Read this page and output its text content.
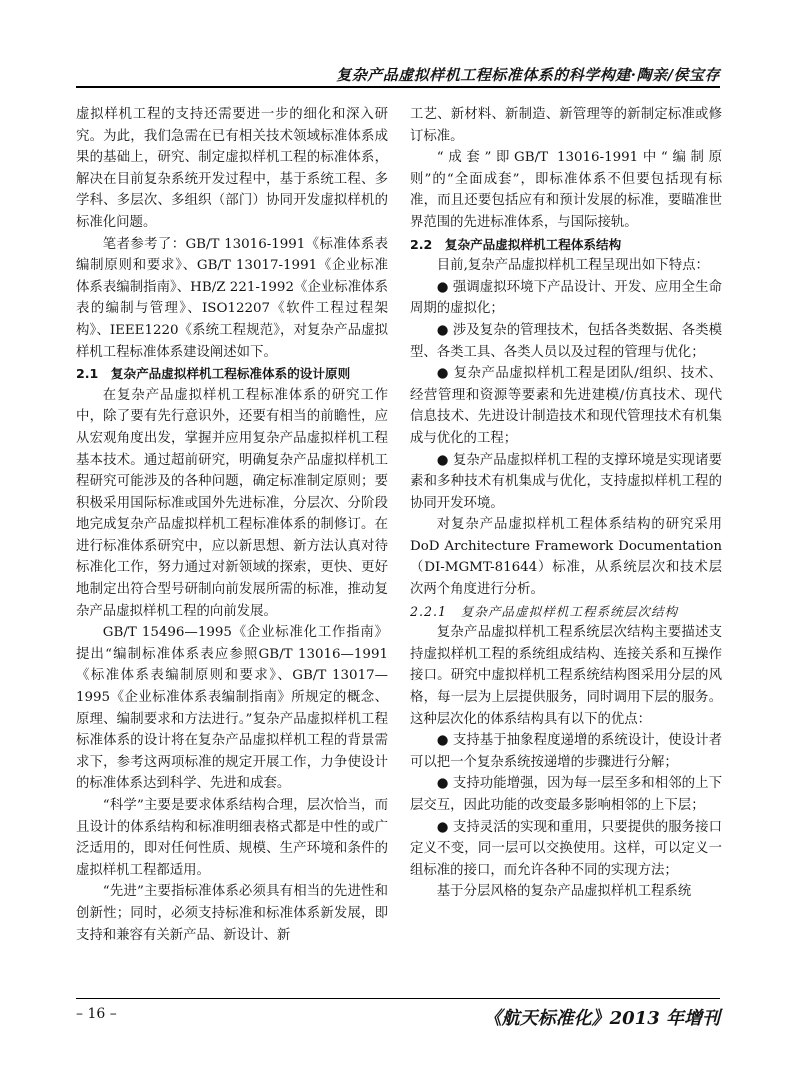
复杂产品虚拟样机工程标准体系的科学构建·陶亲/侯宝存

虚拟样机工程的支持还需要进一步的细化和深入研究。为此，我们急需在已有相关技术领域标准体系成果的基础上，研究、制定虚拟样机工程的标准体系，解决在目前复杂系统开发过程中，基于系统工程、多学科、多层次、多组织（部门）协同开发虚拟样机的标准化问题。

笔者参考了：GB/T 13016-1991《标准体系表编制原则和要求》、GB/T 13017-1991《企业标准体系表编制指南》、HB/Z 221-1992《企业标准体系表的编制与管理》、ISO12207《软件工程过程架构》、IEEE1220《系统工程规范》，对复杂产品虚拟样机工程标准体系建设阐述如下。

2.1　复杂产品虚拟样机工程标准体系的设计原则

在复杂产品虚拟样机工程标准体系的研究工作中，除了要有先行意识外，还要有相当的前瞻性，应从宏观角度出发，掌握并应用复杂产品虚拟样机工程基本技术。通过超前研究，明确复杂产品虚拟样机工程研究可能涉及的各种问题，确定标准制定原则；要积极采用国际标准或国外先进标准，分层次、分阶段地完成复杂产品虚拟样机工程标准体系的制修订。在进行标准体系研究中，应以新思想、新方法认真对待标准化工作，努力通过对新领域的探索，更快、更好地制定出符合型号研制向前发展所需的标准，推动复杂产品虚拟样机工程的向前发展。

GB/T 15496—1995《企业标准化工作指南》提出“编制标准体系表应参照GB/T 13016—1991《标准体系表编制原则和要求》、GB/T 13017—1995《企业标准体系表编制指南》所规定的概念、原理、编制要求和方法进行。”复杂产品虚拟样机工程标准体系的设计将在复杂产品虚拟样机工程的背景需求下，参考这两项标准的规定开展工作，力争使设计的标准体系达到科学、先进和成套。

“科学”主要是要求体系结构合理，层次恰当，而且设计的体系结构和标准明细表格式都是中性的或广泛适用的，即对任何性质、规模、生产环境和条件的虚拟样机工程都适用。

“先进”主要指标准体系必须具有相当的先进性和创新性；同时，必须支持标准和标准体系新发展，即支持和兼容有关新产品、新设计、新

工艺、新材料、新制造、新管理等的新制定标准或修订标准。

“成套”即GB/T 13016-1991中“编制原则”的“全面成套”，即标准体系不但要包括现有标准，而且还要包括应有和预计发展的标准，要瞄准世界范围的先进标准体系，与国际接轨。

2.2　复杂产品虚拟样机工程体系结构

目前,复杂产品虚拟样机工程呈现出如下特点：

● 强调虚拟环境下产品设计、开发、应用全生命周期的虚拟化；

● 涉及复杂的管理技术，包括各类数据、各类模型、各类工具、各类人员以及过程的管理与优化；

● 复杂产品虚拟样机工程是团队/组织、技术、经营管理和资源等要素和先进建模/仿真技术、现代信息技术、先进设计制造技术和现代管理技术有机集成与优化的工程；

● 复杂产品虚拟样机工程的支撑环境是实现诸要素和多种技术有机集成与优化，支持虚拟样机工程的协同开发环境。

对复杂产品虚拟样机工程体系结构的研究采用DoD Architecture Framework Documentation（DI-MGMT-81644）标准，从系统层次和技术层次两个角度进行分析。

2.2.1　复杂产品虚拟样机工程系统层次结构

复杂产品虚拟样机工程系统层次结构主要描述支持虚拟样机工程的系统组成结构、连接关系和互操作接口。研究中虚拟样机工程系统结构图采用分层的风格，每一层为上层提供服务，同时调用下层的服务。这种层次化的体系结构具有以下的优点：

● 支持基于抽象程度递增的系统设计，使设计者可以把一个复杂系统按递增的步骤进行分解；

● 支持功能增强，因为每一层至多和相邻的上下层交互，因此功能的改变最多影响相邻的上下层；

● 支持灵活的实现和重用，只要提供的服务接口定义不变，同一层可以交换使用。这样，可以定义一组标准的接口，而允许各种不同的实现方法；

基于分层风格的复杂产品虚拟样机工程系统

– 16 –	《航天标准化》2013 年增刊
